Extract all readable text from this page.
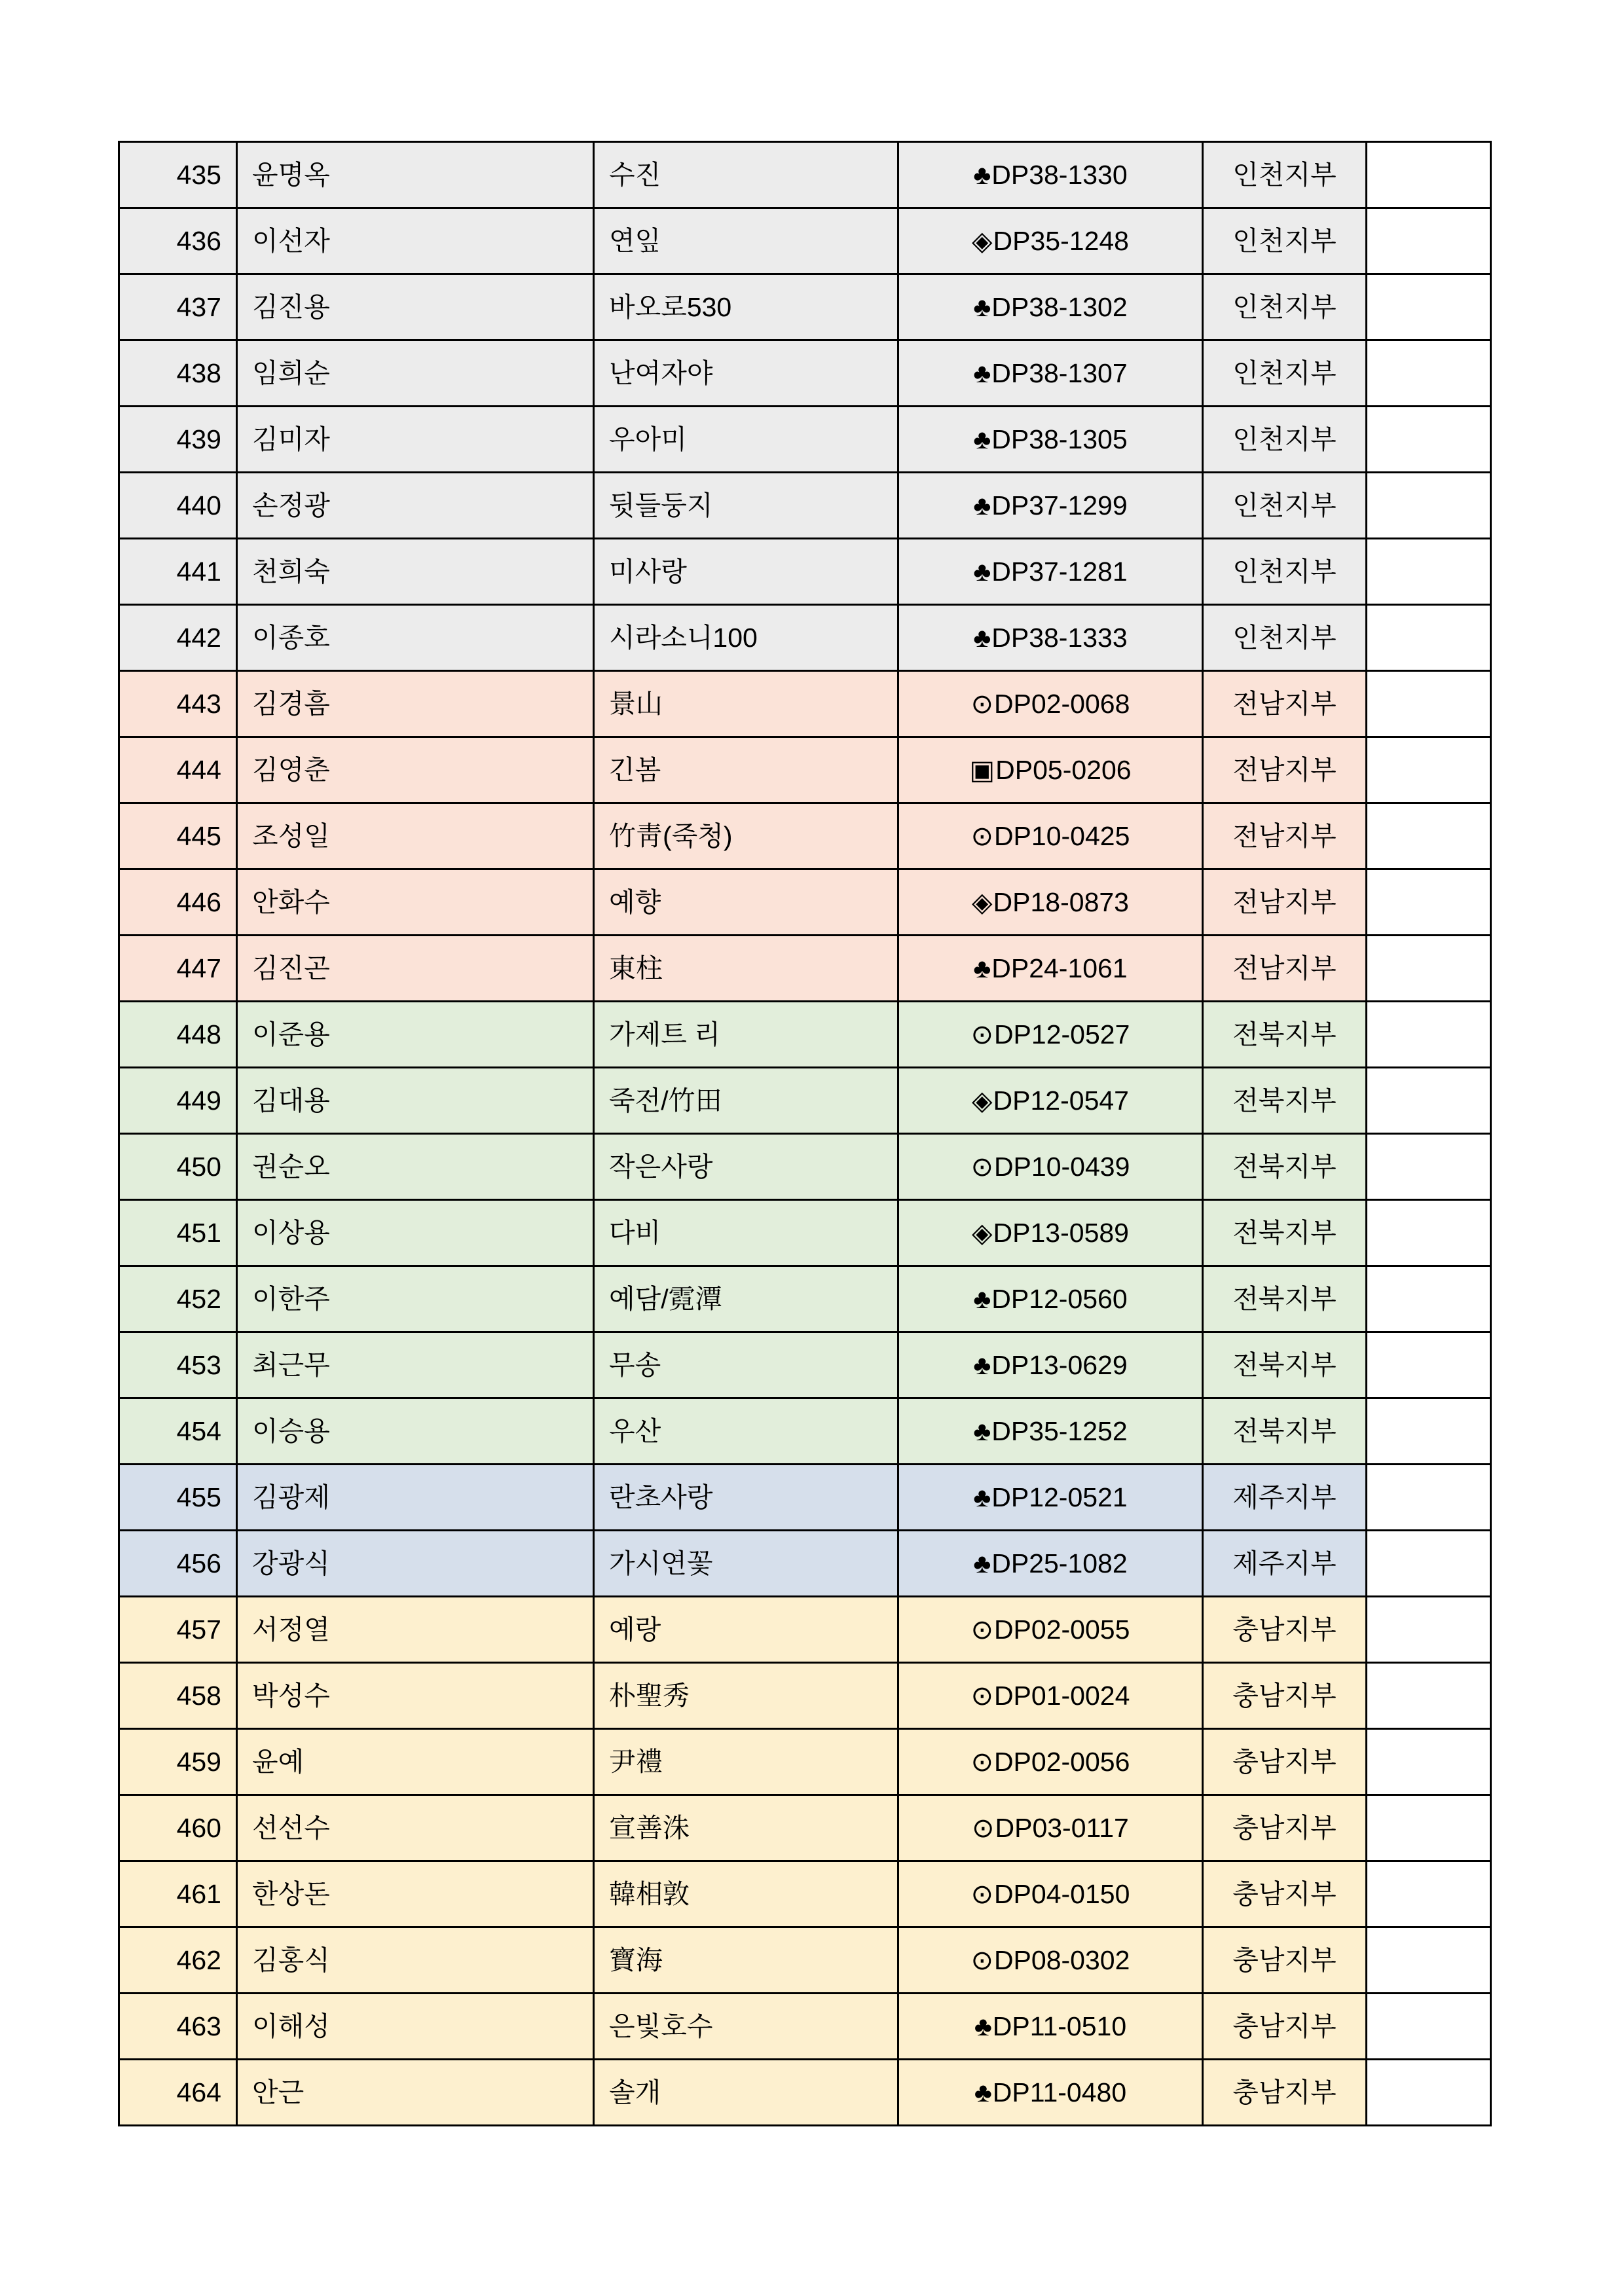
435	윤명옥	수진	♣DP38-1330	인천지부	
436	이선자	연잎	◈DP35-1248	인천지부	
437	김진용	바오로530	♣DP38-1302	인천지부	
438	임희순	난여자야	♣DP38-1307	인천지부	
439	김미자	우아미	♣DP38-1305	인천지부	
440	손정광	뒷들둥지	♣DP37-1299	인천지부	
441	천희숙	미사랑	♣DP37-1281	인천지부	
442	이종호	시라소니100	♣DP38-1333	인천지부	
443	김경흠	景山	⊙DP02-0068	전남지부	
444	김영춘	긴봄	▣DP05-0206	전남지부	
445	조성일	竹靑(죽청)	⊙DP10-0425	전남지부	
446	안화수	예향	◈DP18-0873	전남지부	
447	김진곤	東柱	♣DP24-1061	전남지부	
448	이준용	가제트 리	⊙DP12-0527	전북지부	
449	김대용	죽전/竹田	◈DP12-0547	전북지부	
450	권순오	작은사랑	⊙DP10-0439	전북지부	
451	이상용	다비	◈DP13-0589	전북지부	
452	이한주	예담/霓潭	♣DP12-0560	전북지부	
453	최근무	무송	♣DP13-0629	전북지부	
454	이승용	우산	♣DP35-1252	전북지부	
455	김광제	란초사랑	♣DP12-0521	제주지부	
456	강광식	가시연꽃	♣DP25-1082	제주지부	
457	서정열	예랑	⊙DP02-0055	충남지부	
458	박성수	朴聖秀	⊙DP01-0024	충남지부	
459	윤예	尹禮	⊙DP02-0056	충남지부	
460	선선수	宣善洙	⊙DP03-0117	충남지부	
461	한상돈	韓相敦	⊙DP04-0150	충남지부	
462	김홍식	寶海	⊙DP08-0302	충남지부	
463	이해성	은빛호수	♣DP11-0510	충남지부	
464	안근	솔개	♣DP11-0480	충남지부	
